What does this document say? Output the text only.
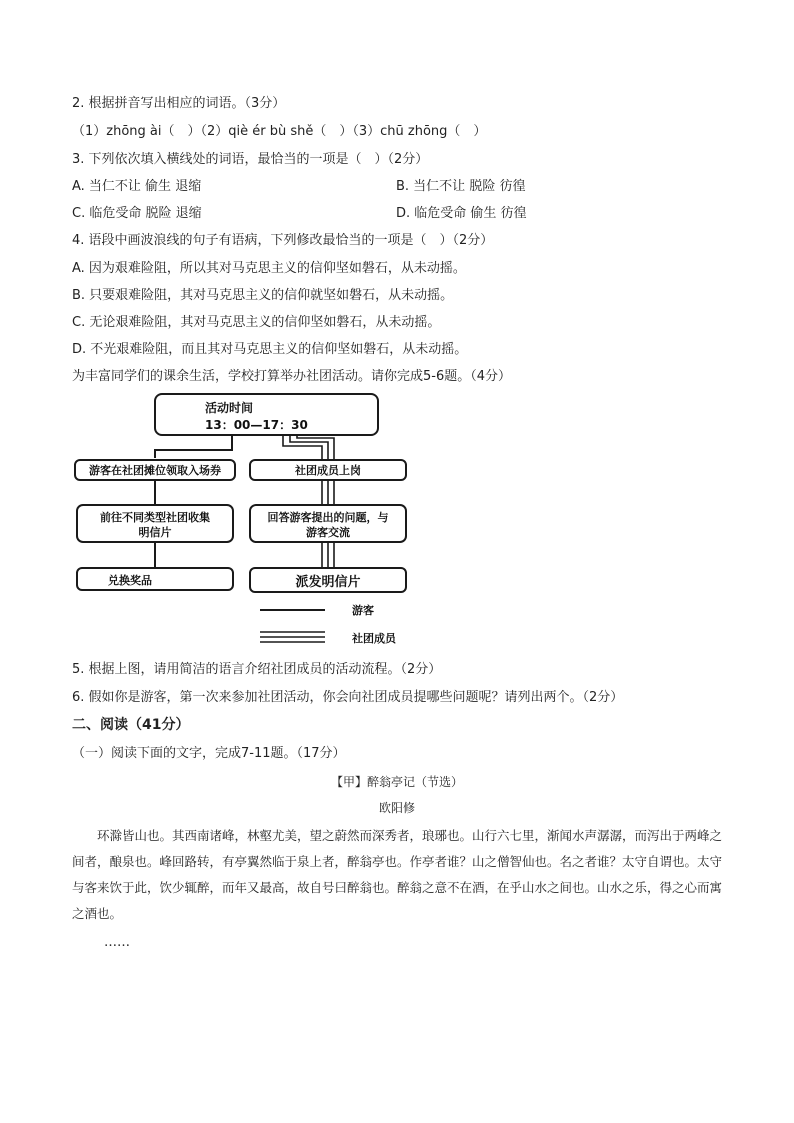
2. 根据拼音写出相应的词语。（3分）
（1）zhōng ài（　）（2）qiè ér bù shě（　）（3）chū zhōng（　）
3. 下列依次填入横线处的词语，最恰当的一项是（　）（2分）
A. 当仁不让 偷生 退缩	B. 当仁不让 脱险 彷徨
C. 临危受命 脱险 退缩	D. 临危受命 偷生 彷徨
4. 语段中画波浪线的句子有语病，下列修改最恰当的一项是（　）（2分）
A. 因为艰难险阻，所以其对马克思主义的信仰坚如磐石，从未动摇。
B. 只要艰难险阻，其对马克思主义的信仰就坚如磐石，从未动摇。
C. 无论艰难险阻，其对马克思主义的信仰坚如磐石，从未动摇。
D. 不光艰难险阻，而且其对马克思主义的信仰坚如磐石，从未动摇。
为丰富同学们的课余生活，学校打算举办社团活动。请你完成5-6题。（4分）
活动时间
13：00—17：30
游客在社团摊位领取入场券
前往不同类型社团收集
明信片
兑换奖品
社团成员上岗
回答游客提出的问题，与
游客交流
派发明信片
游客
社团成员
5. 根据上图，请用简洁的语言介绍社团成员的活动流程。（2分）
6. 假如你是游客，第一次来参加社团活动，你会向社团成员提哪些问题呢？请列出两个。（2分）
二、阅读（41分）
（一）阅读下面的文字，完成7-11题。（17分）
【甲】醉翁亭记（节选）
欧阳修
环滁皆山也。其西南诸峰，林壑尤美，望之蔚然而深秀者，琅琊也。山行六七里，渐闻水声潺潺，而泻出于两峰之间者，酿泉也。峰回路转，有亭翼然临于泉上者，醉翁亭也。作亭者谁？山之僧智仙也。名之者谁？太守自谓也。太守与客来饮于此，饮少辄醉，而年又最高，故自号曰醉翁也。醉翁之意不在酒，在乎山水之间也。山水之乐，得之心而寓之酒也。
……
